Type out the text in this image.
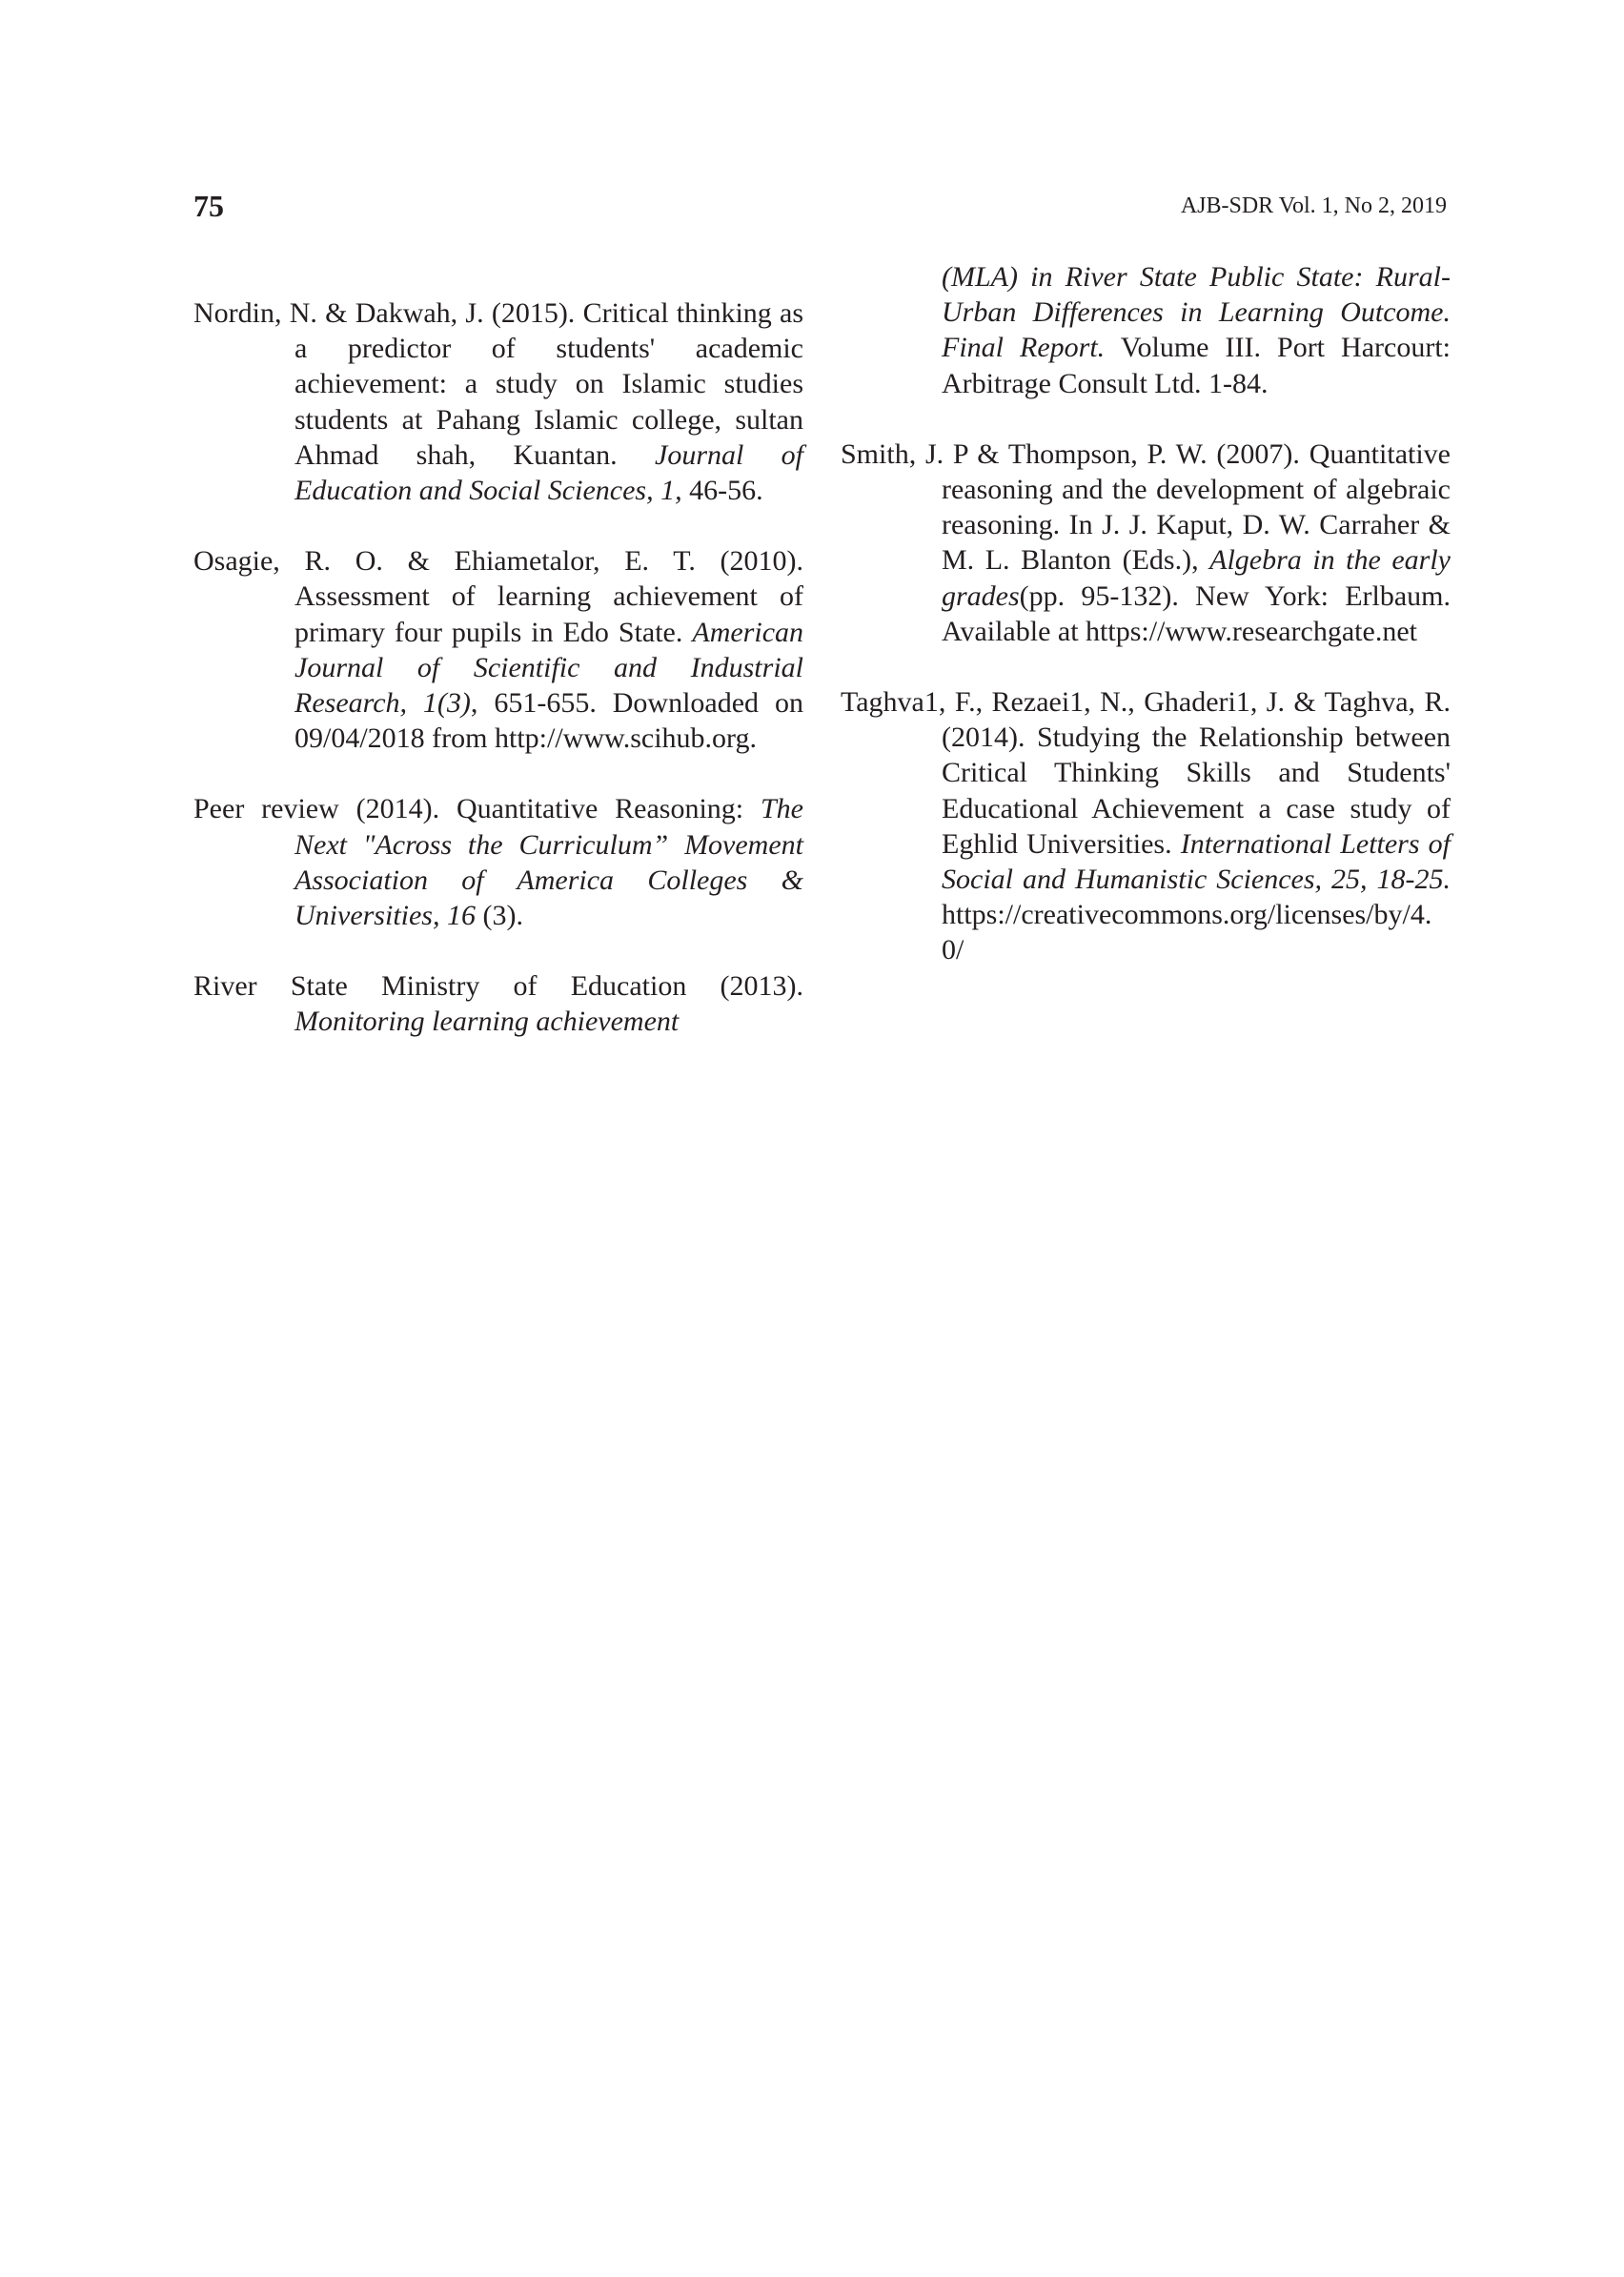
75	AJB-SDR Vol. 1, No 2, 2019

Nordin, N. & Dakwah, J. (2015). Critical thinking as a predictor of students' academic achievement: a study on Islamic studies students at Pahang Islamic college, sultan Ahmad shah, Kuantan. Journal of Education and Social Sciences, 1, 46-56.

Osagie, R. O. & Ehiametalor, E. T. (2010). Assessment of learning achievement of primary four pupils in Edo State. American Journal of Scientific and Industrial Research, 1(3), 651-655. Downloaded on 09/04/2018 from http://www.scihub.org.

Peer review (2014). Quantitative Reasoning: The Next "Across the Curriculum” Movement Association of America Colleges & Universities, 16 (3).

River State Ministry of Education (2013). Monitoring learning achievement

(MLA) in River State Public State: Rural-Urban Differences in Learning Outcome. Final Report. Volume III. Port Harcourt: Arbitrage Consult Ltd. 1-84.

Smith, J. P & Thompson, P. W. (2007). Quantitative reasoning and the development of algebraic reasoning. In J. J. Kaput, D. W. Carraher & M. L. Blanton (Eds.), Algebra in the early grades(pp. 95-132). New York: Erlbaum. Available at https://www.researchgate.net

Taghva1, F., Rezaei1, N., Ghaderi1, J. & Taghva, R. (2014). Studying the Relationship between Critical Thinking Skills and Students' Educational Achievement a case study of Eghlid Universities. International Letters of Social and Humanistic Sciences, 25, 18-25. https://creativecommons.org/licenses/by/4.0/
